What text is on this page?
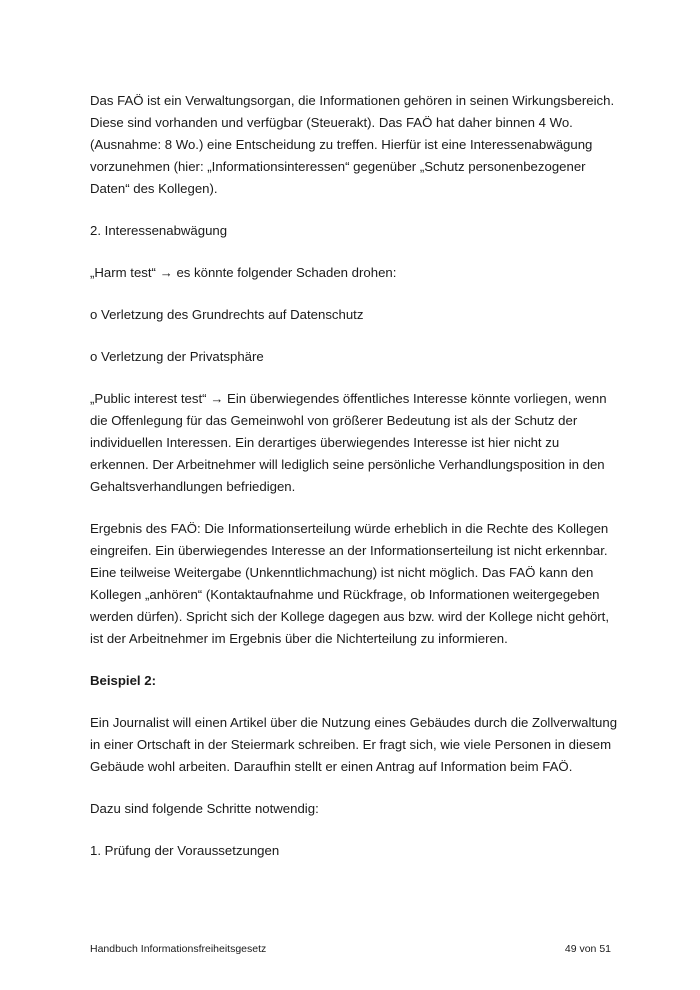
Das FAÖ ist ein Verwaltungsorgan, die Informationen gehören in seinen Wirkungsbereich. Diese sind vorhanden und verfügbar (Steuerakt). Das FAÖ hat daher binnen 4 Wo. (Ausnahme: 8 Wo.) eine Entscheidung zu treffen. Hierfür ist eine Interessenabwägung vorzunehmen (hier: „Informationsinteressen“ gegenüber „Schutz personenbezogener Daten“ des Kollegen).

2. Interessenabwägung

„Harm test“ → es könnte folgender Schaden drohen:

o Verletzung des Grundrechts auf Datenschutz

o Verletzung der Privatsphäre

„Public interest test“ → Ein überwiegendes öffentliches Interesse könnte vorliegen, wenn die Offenlegung für das Gemeinwohl von größerer Bedeutung ist als der Schutz der individuellen Interessen. Ein derartiges überwiegendes Interesse ist hier nicht zu erkennen. Der Arbeitnehmer will lediglich seine persönliche Verhandlungsposition in den Gehaltsverhandlungen befriedigen.

Ergebnis des FAÖ: Die Informationserteilung würde erheblich in die Rechte des Kollegen eingreifen. Ein überwiegendes Interesse an der Informationserteilung ist nicht erkennbar. Eine teilweise Weitergabe (Unkenntlichmachung) ist nicht möglich. Das FAÖ kann den Kollegen „anhören“ (Kontaktaufnahme und Rückfrage, ob Informationen weitergegeben werden dürfen). Spricht sich der Kollege dagegen aus bzw. wird der Kollege nicht gehört, ist der Arbeitnehmer im Ergebnis über die Nichterteilung zu informieren.

Beispiel 2:

Ein Journalist will einen Artikel über die Nutzung eines Gebäudes durch die Zollverwaltung in einer Ortschaft in der Steiermark schreiben. Er fragt sich, wie viele Personen in diesem Gebäude wohl arbeiten. Daraufhin stellt er einen Antrag auf Information beim FAÖ.

Dazu sind folgende Schritte notwendig:

1. Prüfung der Voraussetzungen

Handbuch Informationsfreiheitsgesetz	49 von 51
